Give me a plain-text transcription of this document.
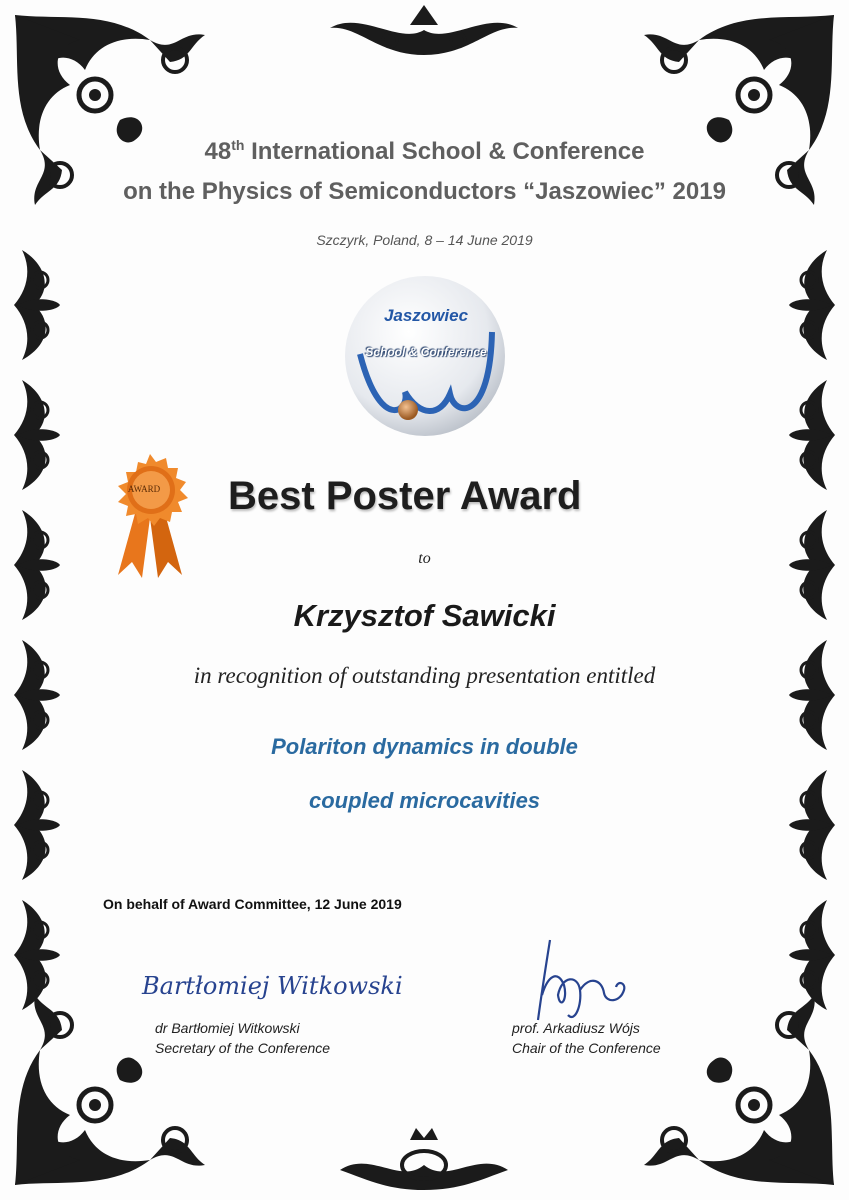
48th International School & Conference
on the Physics of Semiconductors “Jaszowiec” 2019
Szczyrk, Poland, 8 – 14 June 2019
Jaszowiec
School & Conference
AWARD Best Poster Award
to
Krzysztof Sawicki
in recognition of outstanding presentation entitled
Polariton dynamics in double
coupled microcavities
On behalf of Award Committee, 12 June 2019
Bartłomiej Witkowski
dr Bartłomiej Witkowski
Secretary of the Conference
prof. Arkadiusz Wójs
Chair of the Conference
